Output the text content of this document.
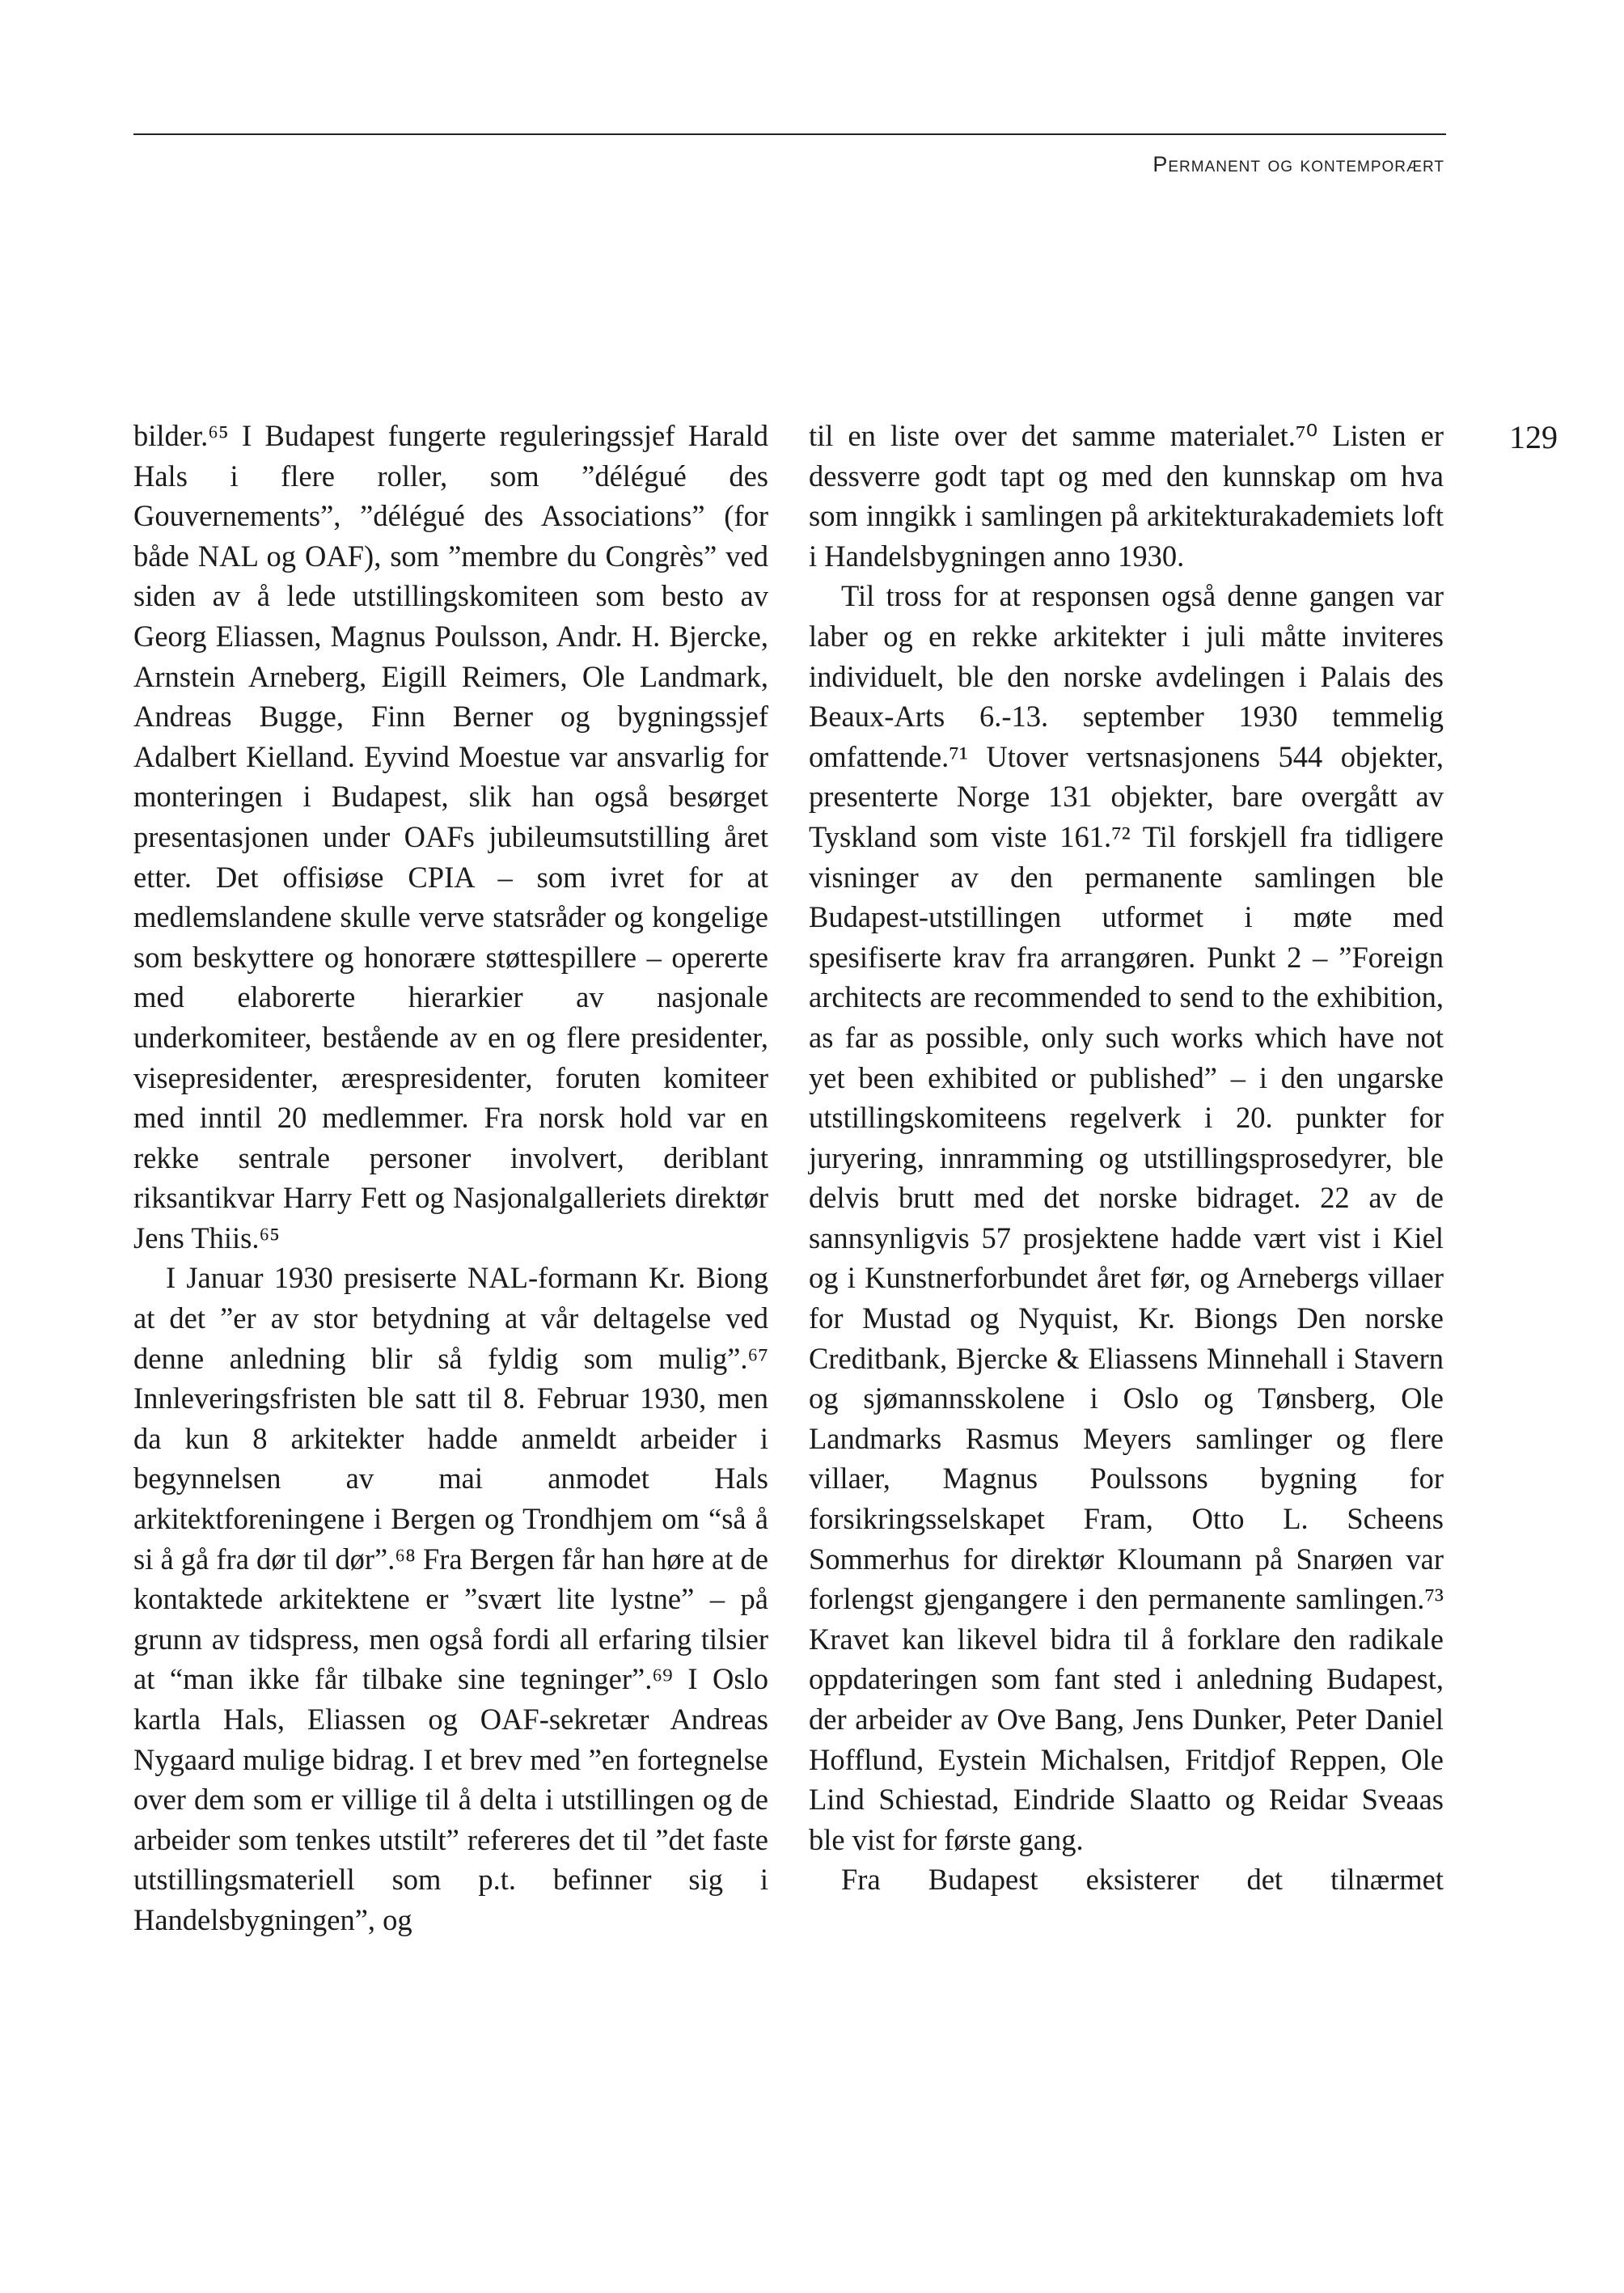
Permanent og kontemporært
129

bilder.⁶⁵ I Budapest fungerte reguleringssjef Harald Hals i flere roller, som ”délégué des Gouvernements”, ”délégué des Associations” (for både NAL og OAF), som ”membre du Congrès” ved siden av å lede utstillingskomiteen som besto av Georg Eliassen, Magnus Poulsson, Andr. H. Bjercke, Arnstein Arneberg, Eigill Reimers, Ole Landmark, Andreas Bugge, Finn Berner og bygningssjef Adalbert Kielland. Eyvind Moestue var ansvarlig for monteringen i Budapest, slik han også besørget presentasjonen under OAFs jubileumsutstilling året etter. Det offisiøse CPIA – som ivret for at medlemslandene skulle verve statsråder og kongelige som beskyttere og honorære støttespillere – opererte med elaborerte hierarkier av nasjonale underkomiteer, bestående av en og flere presidenter, visepresidenter, ærespresidenter, foruten komiteer med inntil 20 medlemmer. Fra norsk hold var en rekke sentrale personer involvert, deriblant riksantikvar Harry Fett og Nasjonalgalleriets direktør Jens Thiis.⁶⁵

I Januar 1930 presiserte NAL-formann Kr. Biong at det ”er av stor betydning at vår deltagelse ved denne anledning blir så fyldig som mulig”.⁶⁷ Innleveringsfristen ble satt til 8. Februar 1930, men da kun 8 arkitekter hadde anmeldt arbeider i begynnelsen av mai anmodet Hals arkitektforeningene i Bergen og Trondhjem om “så å si å gå fra dør til dør”.⁶⁸ Fra Bergen får han høre at de kontaktede arkitektene er ”svært lite lystne” – på grunn av tidspress, men også fordi all erfaring tilsier at “man ikke får tilbake sine tegninger”.⁶⁹ I Oslo kartla Hals, Eliassen og OAF-sekretær Andreas Nygaard mulige bidrag. I et brev med ”en fortegnelse over dem som er villige til å delta i utstillingen og de arbeider som tenkes utstilt” refereres det til ”det faste utstillingsmateriell som p.t. befinner sig i Handelsbygningen”, og

til en liste over det samme materialet.⁷⁰ Listen er dessverre godt tapt og med den kunnskap om hva som inngikk i samlingen på arkitekturakademiets loft i Handelsbygningen anno 1930.

Til tross for at responsen også denne gangen var laber og en rekke arkitekter i juli måtte inviteres individuelt, ble den norske avdelingen i Palais des Beaux-Arts 6.-13. september 1930 temmelig omfattende.⁷¹ Utover vertsnasjonens 544 objekter, presenterte Norge 131 objekter, bare overgått av Tyskland som viste 161.⁷² Til forskjell fra tidligere visninger av den permanente samlingen ble Budapest-utstillingen utformet i møte med spesifiserte krav fra arrangøren. Punkt 2 – ”Foreign architects are recommended to send to the exhibition, as far as possible, only such works which have not yet been exhibited or published” – i den ungarske utstillingskomiteens regelverk i 20. punkter for juryering, innramming og utstillingsprosedyrer, ble delvis brutt med det norske bidraget. 22 av de sannsynligvis 57 prosjektene hadde vært vist i Kiel og i Kunstnerforbundet året før, og Arnebergs villaer for Mustad og Nyquist, Kr. Biongs Den norske Creditbank, Bjercke & Eliassens Minnehall i Stavern og sjømannsskolene i Oslo og Tønsberg, Ole Landmarks Rasmus Meyers samlinger og flere villaer, Magnus Poulssons bygning for forsikringsselskapet Fram, Otto L. Scheens Sommerhus for direktør Kloumann på Snarøen var forlengst gjengangere i den permanente samlingen.⁷³ Kravet kan likevel bidra til å forklare den radikale oppdateringen som fant sted i anledning Budapest, der arbeider av Ove Bang, Jens Dunker, Peter Daniel Hofflund, Eystein Michalsen, Fritdjof Reppen, Ole Lind Schiestad, Eindride Slaatto og Reidar Sveaas ble vist for første gang.

Fra Budapest eksisterer det tilnærmet
